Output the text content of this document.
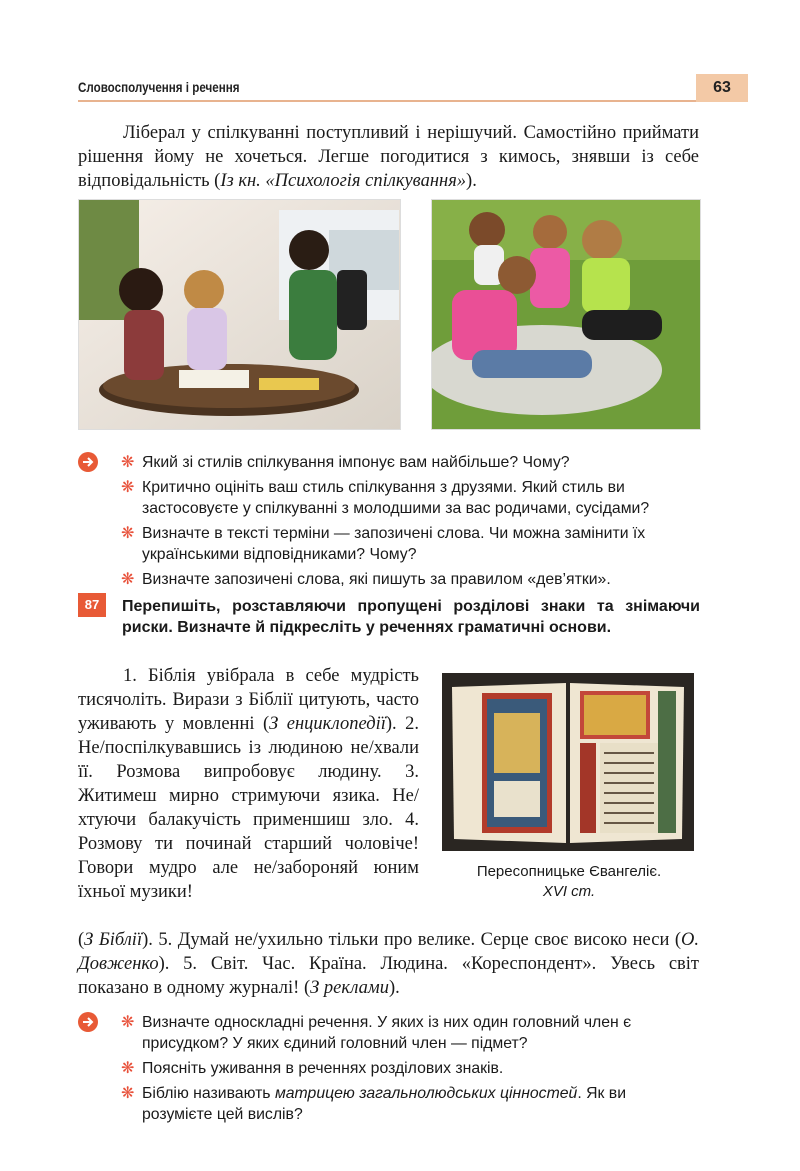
Словосполучення і речення	63
Ліберал у спілкуванні поступливий і нерішучий. Самостійно приймати рішення йому не хочеться. Легше погодитися з кимось, знявши із себе відповідальність (Із кн. «Психологія спілкування»).
❋ Який зі стилів спілкування імпонує вам найбільше? Чому?
❋ Критично оцініть ваш стиль спілкування з друзями. Який стиль ви застосовуєте у спілкуванні з молодшими за вас родичами, сусідами?
❋ Визначте в тексті терміни — запозичені слова. Чи можна замінити їх українськими відповідниками? Чому?
❋ Визначте запозичені слова, які пишуть за правилом «дев’ятки».
87	Перепишіть, розставляючи пропущені розділові знаки та знімаючи риски. Визначте й підкресліть у реченнях граматичні основи.
1. Біблія увібрала в себе мудрість тисячоліть. Вирази з Біблії цитують, часто уживають у мовленні (З енциклопедії). 2. Не/поспілкувавшись із людиною не/хвали її. Розмова випробовує людину. 3. Житимеш мирно стримуючи язика. Не/хтуючи балакучість применшиш зло. 4. Розмову ти починай старший чоловіче! Говори мудро але не/забороняй юним їхньої музики!
Пересопницьке Євангеліє.
XVI ст.
(З Біблії). 5. Думай не/ухильно тільки про велике. Серце своє високо неси (О. Довженко). 5. Світ. Час. Країна. Людина. «Кореспондент». Увесь світ показано в одному журналі! (З реклами).
❋ Визначте односкладні речення. У яких із них один головний член є присудком? У яких єдиний головний член — підмет?
❋ Поясніть уживання в реченнях розділових знаків.
❋ Біблію називають матрицею загальнолюдських цінностей. Як ви розумієте цей вислів?
